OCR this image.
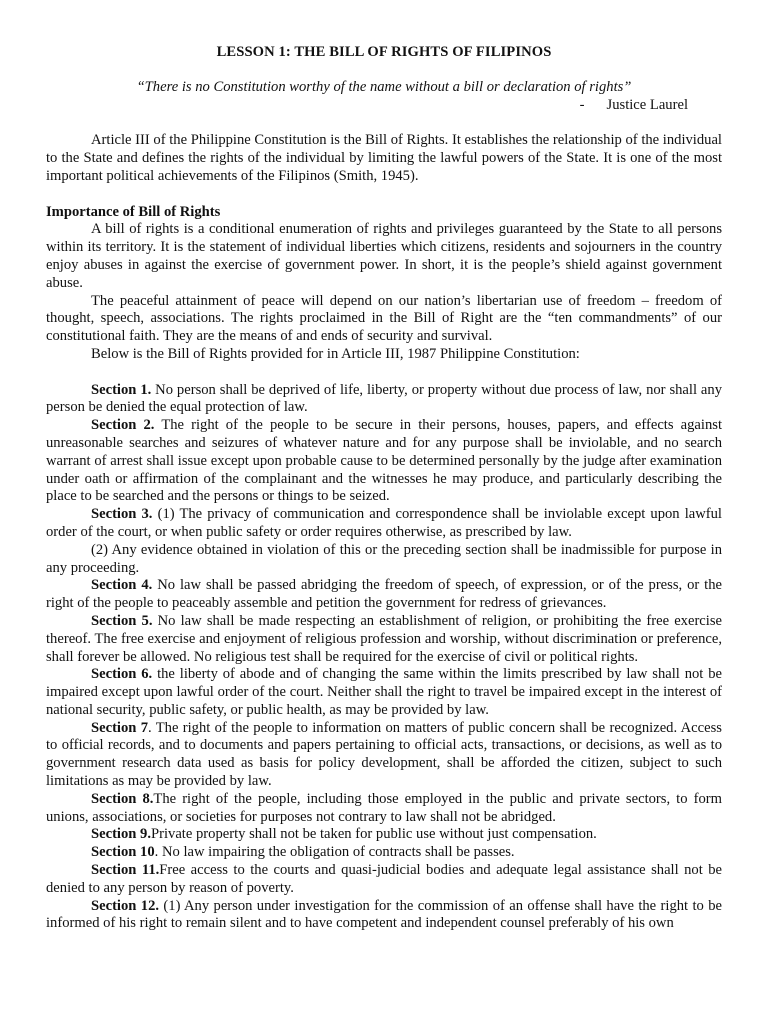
LESSON 1: THE BILL OF RIGHTS OF FILIPINOS

“There is no Constitution worthy of the name without a bill or declaration of rights”

- Justice Laurel

Article III of the Philippine Constitution is the Bill of Rights. It establishes the relationship of the individual to the State and defines the rights of the individual by limiting the lawful powers of the State. It is one of the most important political achievements of the Filipinos (Smith, 1945).

Importance of Bill of Rights

A bill of rights is a conditional enumeration of rights and privileges guaranteed by the State to all persons within its territory. It is the statement of individual liberties which citizens, residents and sojourners in the country enjoy abuses in against the exercise of government power. In short, it is the people’s shield against government abuse.

The peaceful attainment of peace will depend on our nation’s libertarian use of freedom – freedom of thought, speech, associations. The rights proclaimed in the Bill of Right are the “ten commandments” of our constitutional faith. They are the means of and ends of security and survival.

Below is the Bill of Rights provided for in Article III, 1987 Philippine Constitution:

Section 1. No person shall be deprived of life, liberty, or property without due process of law, nor shall any person be denied the equal protection of law.

Section 2. The right of the people to be secure in their persons, houses, papers, and effects against unreasonable searches and seizures of whatever nature and for any purpose shall be inviolable, and no search warrant of arrest shall issue except upon probable cause to be determined personally by the judge after examination under oath or affirmation of the complainant and the witnesses he may produce, and particularly describing the place to be searched and the persons or things to be seized.

Section 3. (1) The privacy of communication and correspondence shall be inviolable except upon lawful order of the court, or when public safety or order requires otherwise, as prescribed by law.

(2) Any evidence obtained in violation of this or the preceding section shall be inadmissible for purpose in any proceeding.

Section 4. No law shall be passed abridging the freedom of speech, of expression, or of the press, or the right of the people to peaceably assemble and petition the government for redress of grievances.

Section 5. No law shall be made respecting an establishment of religion, or prohibiting the free exercise thereof. The free exercise and enjoyment of religious profession and worship, without discrimination or preference, shall forever be allowed. No religious test shall be required for the exercise of civil or political rights.

Section 6. the liberty of abode and of changing the same within the limits prescribed by law shall not be impaired except upon lawful order of the court. Neither shall the right to travel be impaired except in the interest of national security, public safety, or public health, as may be provided by law.

Section 7. The right of the people to information on matters of public concern shall be recognized. Access to official records, and to documents and papers pertaining to official acts, transactions, or decisions, as well as to government research data used as basis for policy development, shall be afforded the citizen, subject to such limitations as may be provided by law.

Section 8.The right of the people, including those employed in the public and private sectors, to form unions, associations, or societies for purposes not contrary to law shall not be abridged.

Section 9.Private property shall not be taken for public use without just compensation.

Section 10. No law impairing the obligation of contracts shall be passes.

Section 11.Free access to the courts and quasi-judicial bodies and adequate legal assistance shall not be denied to any person by reason of poverty.

Section 12. (1) Any person under investigation for the commission of an offense shall have the right to be informed of his right to remain silent and to have competent and independent counsel preferably of his own
